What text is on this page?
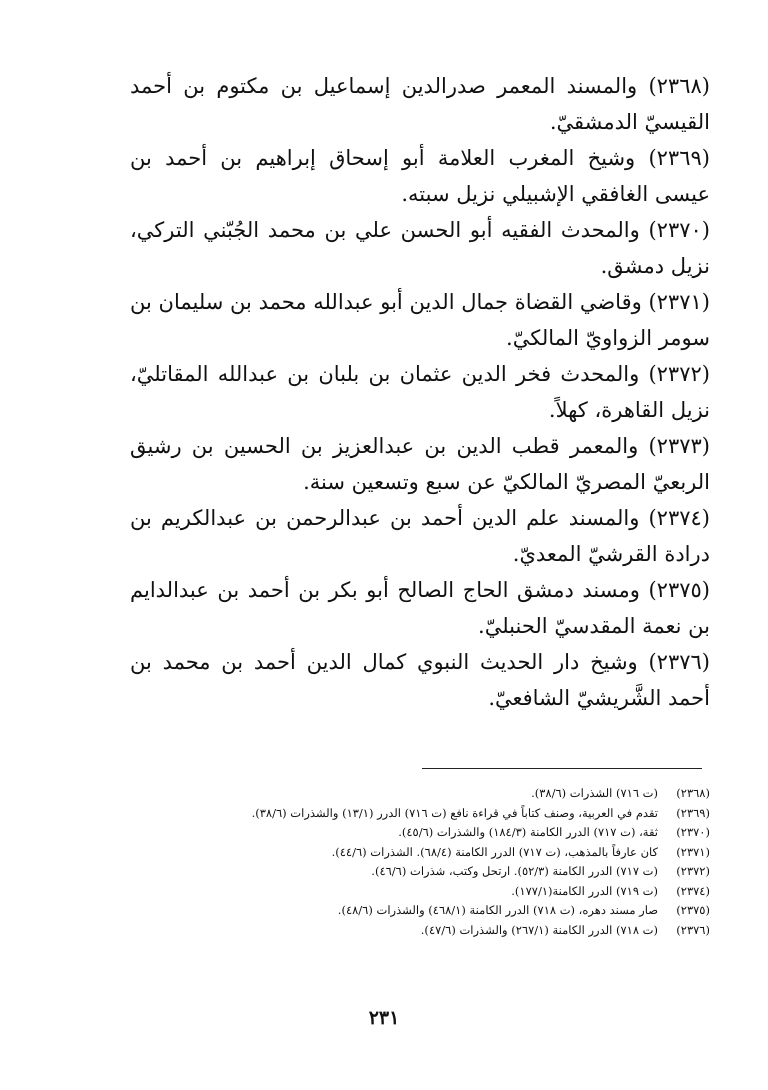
(٢٣٦٨) والمسند المعمر صدرالدين إسماعيل بن مكتوم بن أحمد القيسيّ الدمشقيّ.

(٢٣٦٩) وشيخ المغرب العلامة أبو إسحاق إبراهيم بن أحمد بن عيسى الغافقي الإشبيلي نزيل سبته.

(٢٣٧٠) والمحدث الفقيه أبو الحسن علي بن محمد الجُبّني التركي، نزيل دمشق.

(٢٣٧١) وقاضي القضاة جمال الدين أبو عبدالله محمد بن سليمان بن سومر الزواويّ المالكيّ.

(٢٣٧٢) والمحدث فخر الدين عثمان بن بلبان بن عبدالله المقاتليّ، نزيل القاهرة، كهلاً.

(٢٣٧٣) والمعمر قطب الدين بن عبدالعزيز بن الحسين بن رشيق الربعيّ المصريّ المالكيّ عن سبع وتسعين سنة.

(٢٣٧٤) والمسند علم الدين أحمد بن عبدالرحمن بن عبدالكريم بن درادة القرشيّ المعديّ.

(٢٣٧٥) ومسند دمشق الحاج الصالح أبو بكر بن أحمد بن عبدالدايم بن نعمة المقدسيّ الحنبليّ.

(٢٣٧٦) وشيخ دار الحديث النبوي كمال الدين أحمد بن محمد بن أحمد الشَّريشيّ الشافعيّ.

(٢٣٦٨)
(ت ٧١٦) الشذرات (٣٨/٦).
(٢٣٦٩)
تقدم في العربية، وصنف كتاباً في قراءة نافع (ت ٧١٦) الدرر (١٣/١) والشذرات (٣٨/٦).
(٢٣٧٠)
ثقة، (ت ٧١٧) الدرر الكامنة (١٨٤/٣) والشذرات (٤٥/٦).
(٢٣٧١)
كان عارفاً بالمذهب، (ت ٧١٧) الدرر الكامنة (٦٨/٤). الشذرات (٤٤/٦).
(٢٣٧٢)
(ت ٧١٧) الدرر الكامنة (٥٢/٣). ارتحل وكتب، شذرات (٤٦/٦).
(٢٣٧٤)
(ت ٧١٩) الدرر الكامنة(١٧٧/١).
(٢٣٧٥)
صار مسند دهره، (ت ٧١٨) الدرر الكامنة (٤٦٨/١) والشذرات (٤٨/٦).
(٢٣٧٦)
(ت ٧١٨) الدرر الكامنة (٢٦٧/١) والشذرات (٤٧/٦).
٢٣١
